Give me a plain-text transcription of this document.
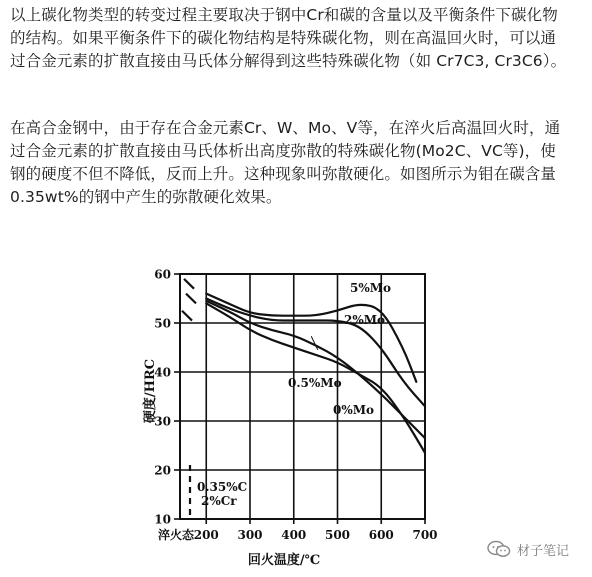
以上碳化物类型的转变过程主要取决于钢中Cr和碳的含量以及平衡条件下碳化物
的结构。如果平衡条件下的碳化物结构是特殊碳化物，则在高温回火时，可以通
过合金元素的扩散直接由马氏体分解得到这些特殊碳化物（如 Cr7C3, Cr3C6）。
在高合金钢中，由于存在合金元素Cr、W、Mo、V等，在淬火后高温回火时，通
过合金元素的扩散直接由马氏体析出高度弥散的特殊碳化物(Mo2C、VC等)，使
钢的硬度不但不降低，反而上升。这种现象叫弥散硬化。如图所示为钼在碳含量
0.35wt%的钢中产生的弥散硬化效果。
60
50
40
30
20
10
淬火态 200 300 400 500 600 700
硬度/HRC
回火温度/℃
0.35%C
2%Cr
5%Mo
2%Mo
0.5%Mo
0%Mo
材子笔记
